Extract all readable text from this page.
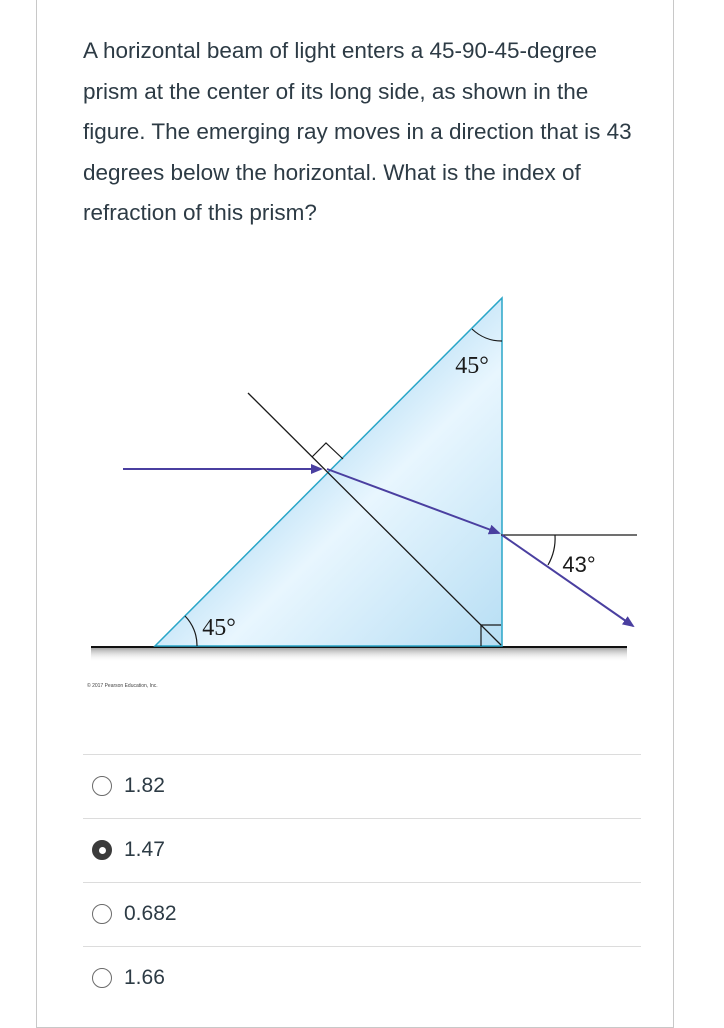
A horizontal beam of light enters a 45-90-45-degree prism at the center of its long side, as shown in the figure. The emerging ray moves in a direction that is 43 degrees below the horizontal. What is the index of refraction of this prism?

45°
45°
43°
© 2017 Pearson Education, Inc.
1.82
1.47
0.682
1.66
